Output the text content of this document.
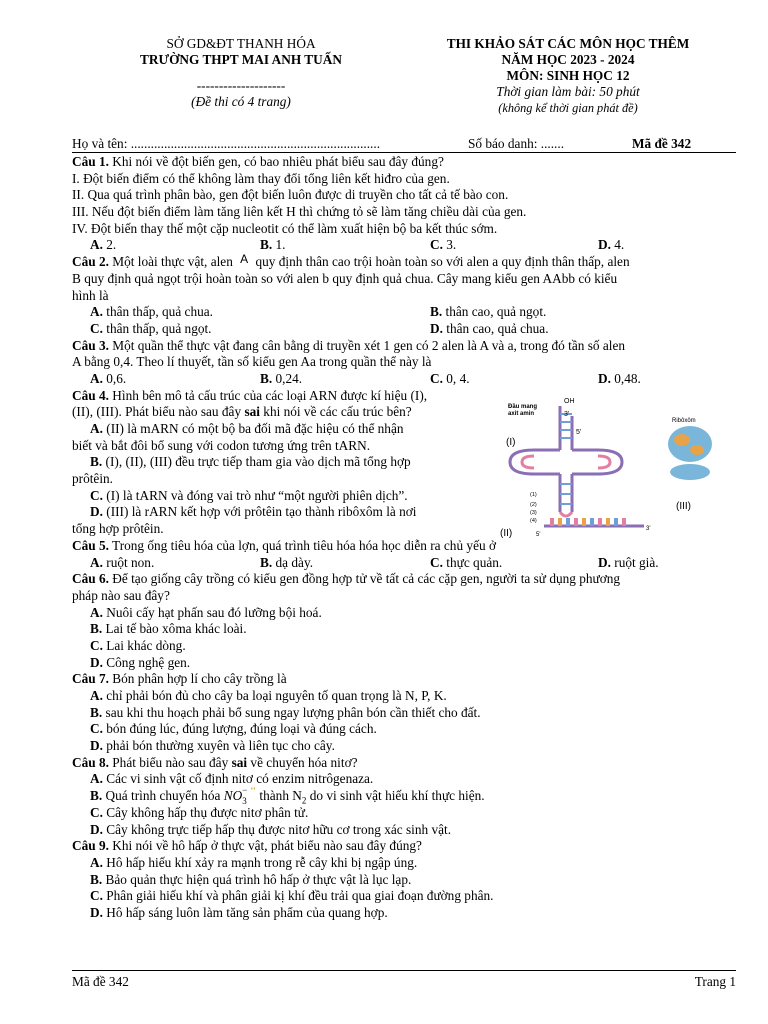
SỞ GD&ĐT THANH HÓA
TRƯỜNG THPT MAI ANH TUẤN
--------------------
(Đề thi có 4 trang)
THI KHẢO SÁT CÁC MÔN HỌC THÊM
NĂM HỌC 2023 - 2024
MÔN: SINH HỌC 12
Thời gian làm bài: 50 phút
(không kể thời gian phát đề)
Họ và tên: ...........................................................................	Số báo danh: .......	Mã đề 342
Câu 1. Khi nói về đột biến gen, có bao nhiêu phát biểu sau đây đúng?
I. Đột biến điểm có thể không làm thay đổi tổng liên kết hiđro của gen.
II. Qua quá trình phân bào, gen đột biến luôn được di truyền cho tất cả tế bào con.
III. Nếu đột biến điểm làm tăng liên kết H thì chứng tỏ sẽ làm tăng chiều dài của gen.
IV. Đột biến thay thế một cặp nucleotit có thể làm xuất hiện bộ ba kết thúc sớm.
A. 2.	B. 1.	C. 3.	D. 4.
Câu 2. Một loài thực vật, alen A quy định thân cao trội hoàn toàn so với alen a quy định thân thấp, alen
B quy định quả ngọt trội hoàn toàn so với alen b quy định quả chua. Cây mang kiểu gen AAbb có kiểu
hình là
A. thân thấp, quả chua.	B. thân cao, quả ngọt.
C. thân thấp, quả ngọt.	D. thân cao, quả chua.
Câu 3. Một quần thể thực vật đang cân bằng di truyền xét 1 gen có 2 alen là A và a, trong đó tần số alen
A bằng 0,4. Theo lí thuyết, tần số kiểu gen Aa trong quần thể này là
A. 0,6.	B. 0,24.	C. 0, 4.	D. 0,48.
Câu 4. Hình bên mô tả cấu trúc của các loại ARN được kí hiệu (I),
(II), (III). Phát biểu nào sau đây sai khi nói về các cấu trúc bên?
A. (II) là mARN có một bộ ba đối mã đặc hiệu có thể nhận
biết và bắt đôi bổ sung với codon tương ứng trên tARN.
B. (I), (II), (III) đều trực tiếp tham gia vào dịch mã tổng hợp
prôtêin.
C. (I) là tARN và đóng vai trò như “một người phiên dịch”.
D. (III) là rARN kết hợp với prôtêin tạo thành ribôxôm là nơi
tổng hợp prôtêin.
Câu 5. Trong ống tiêu hóa của lợn, quá trình tiêu hóa hóa học diễn ra chủ yếu ở
A. ruột non.	B. dạ dày.	C. thực quản.	D. ruột già.
Câu 6. Để tạo giống cây trồng có kiểu gen đồng hợp tử về tất cả các cặp gen, người ta sử dụng phương
pháp nào sau đây?
A. Nuôi cấy hạt phấn sau đó lưỡng bội hoá.
B. Lai tế bào xôma khác loài.
C. Lai khác dòng.
D. Công nghệ gen.
Câu 7. Bón phân hợp lí cho cây trồng là
A. chỉ phải bón đủ cho cây ba loại nguyên tố quan trọng là N, P, K.
B. sau khi thu hoạch phải bổ sung ngay lượng phân bón cần thiết cho đất.
C. bón đúng lúc, đúng lượng, đúng loại và đúng cách.
D. phải bón thường xuyên và liên tục cho cây.
Câu 8. Phát biểu nào sau đây sai về chuyển hóa nitơ?
A. Các vi sinh vật cố định nitơ có enzim nitrôgenaza.
B. Quá trình chuyển hóa NO −
3
‘‘ thành $N_2$ do vi sinh vật hiếu khí thực hiện.
C. Cây không hấp thụ được nitơ phân tử.
D. Cây không trực tiếp hấp thụ được nitơ hữu cơ trong xác sinh vật.
Câu 9. Khi nói về hô hấp ở thực vật, phát biểu nào sau đây đúng?
A. Hô hấp hiếu khí xảy ra mạnh trong rễ cây khi bị ngập úng.
B. Bảo quản thực hiện quá trình hô hấp ở thực vật là lục lạp.
C. Phân giải hiếu khí và phân giải kị khí đều trải qua giai đoạn đường phân.
D. Hô hấp sáng luôn làm tăng sản phẩm của quang hợp.
OH
Đầu mang
axit amin	3'
5'
Ribôxôm
(I)
(II)
(III)
(1)
(2)
(3)
(4)
5'
3'
Mã đề 342	Trang 1
